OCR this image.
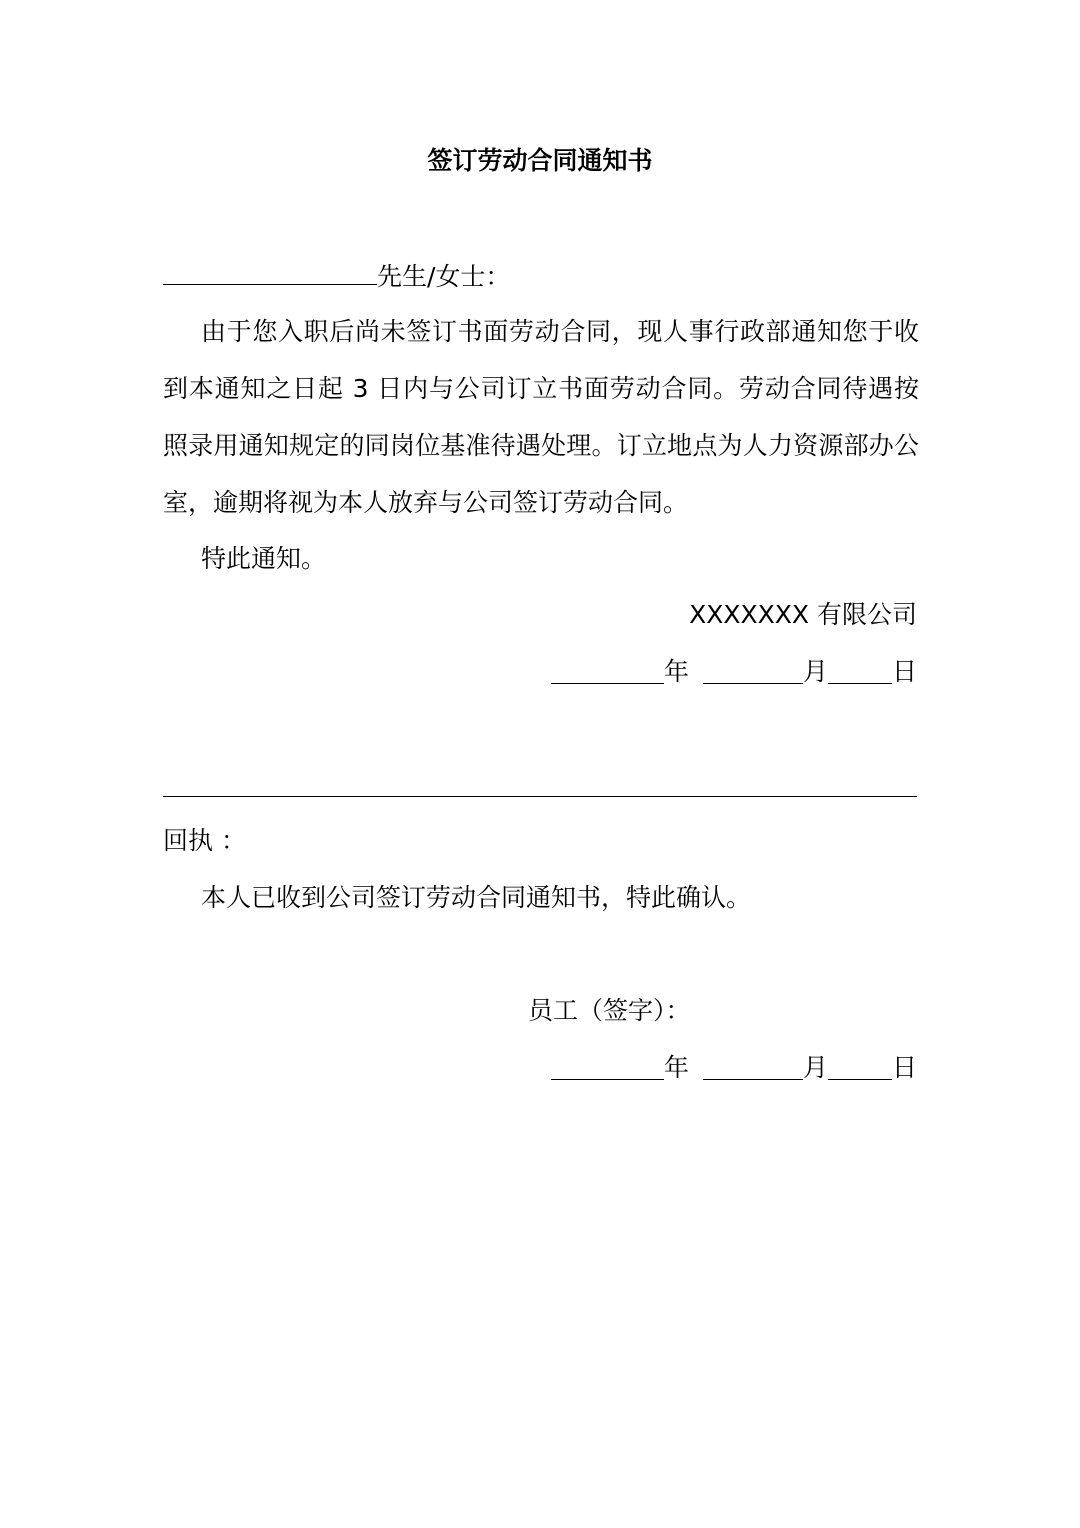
签订劳动合同通知书
先生/女士：

由于您入职后尚未签订书面劳动合同，现人事行政部通知您于收到本通知之日起 3 日内与公司订立书面劳动合同。劳动合同待遇按照录用通知规定的同岗位基准待遇处理。订立地点为人力资源部办公室，逾期将视为本人放弃与公司签订劳动合同。

特此通知。

XXXXXXX 有限公司

年	月	日

回执 ：

本人已收到公司签订劳动合同通知书，特此确认。

员工（签字）：

年	月	日
